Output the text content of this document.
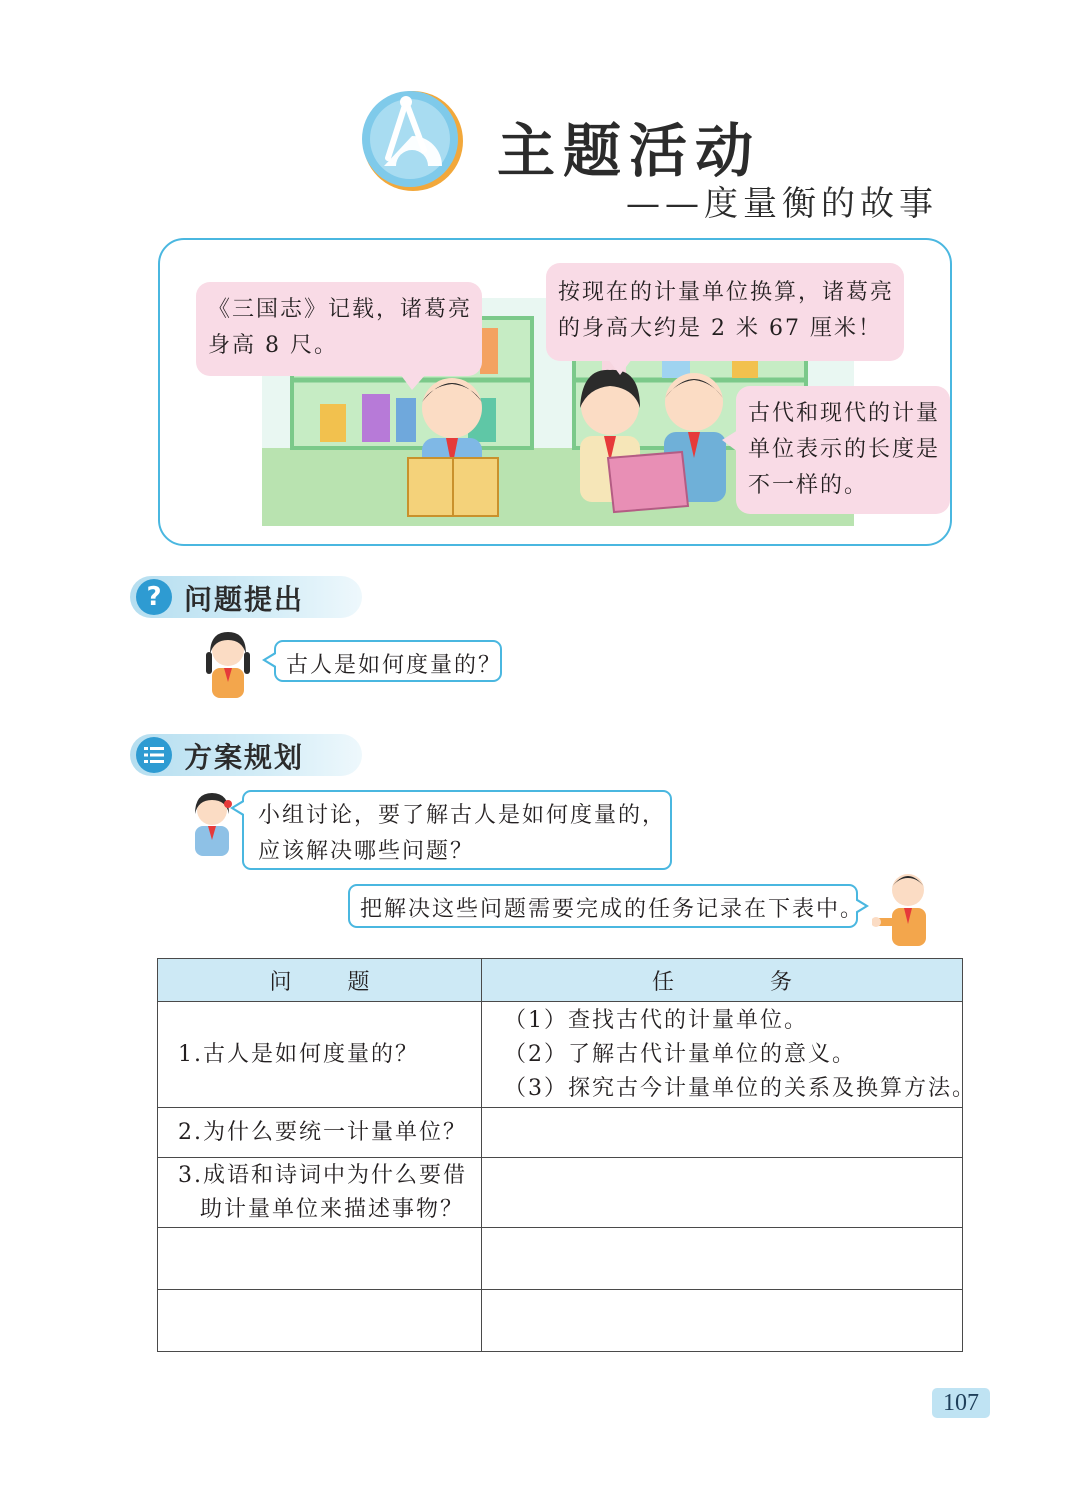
主题活动
——度量衡的故事
《三国志》记载，诸葛亮
身高 8 尺。
按现在的计量单位换算，诸葛亮
的身高大约是 2 米 67 厘米！
古代和现代的计量
单位表示的长度是
不一样的。
? 问题提出
古人是如何度量的？
方案规划
小组讨论，要了解古人是如何度量的，
应该解决哪些问题？
把解决这些问题需要完成的任务记录在下表中。
问题	任务

1.古人是如何度量的？	（1）查找古代的计量单位。
（2）了解古代计量单位的意义。
（3）探究古今计量单位的关系及换算方法。

2.为什么要统一计量单位？	

3.成语和诗词中为什么要借
助计量单位来描述事物？	

107
